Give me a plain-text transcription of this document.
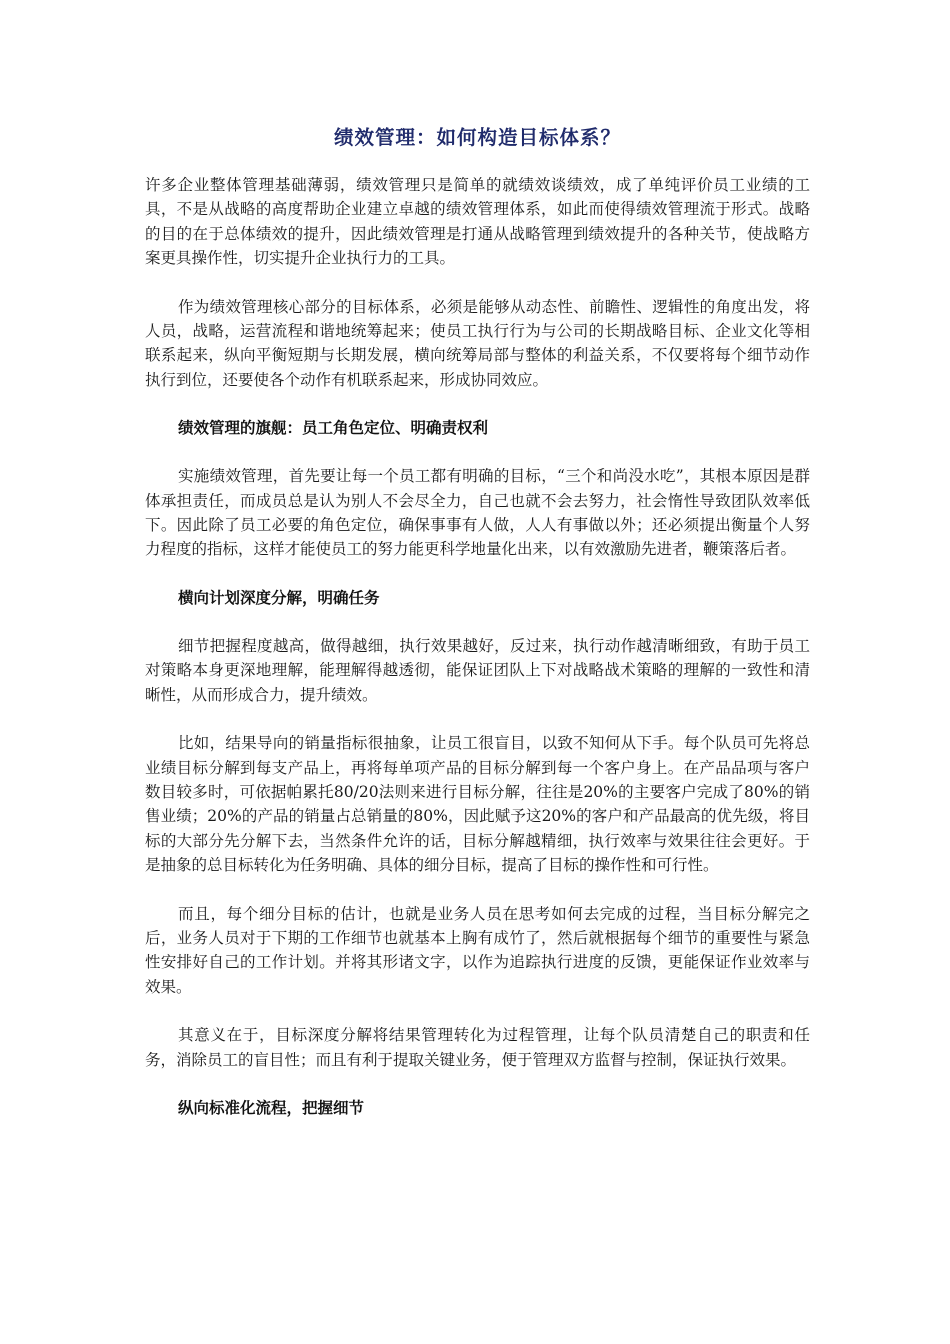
绩效管理：如何构造目标体系？

许多企业整体管理基础薄弱，绩效管理只是简单的就绩效谈绩效，成了单纯评价员工业绩的工具，不是从战略的高度帮助企业建立卓越的绩效管理体系，如此而使得绩效管理流于形式。战略的目的在于总体绩效的提升，因此绩效管理是打通从战略管理到绩效提升的各种关节，使战略方案更具操作性，切实提升企业执行力的工具。

作为绩效管理核心部分的目标体系，必须是能够从动态性、前瞻性、逻辑性的角度出发，将人员，战略，运营流程和谐地统筹起来；使员工执行行为与公司的长期战略目标、企业文化等相联系起来，纵向平衡短期与长期发展，横向统筹局部与整体的利益关系，不仅要将每个细节动作执行到位，还要使各个动作有机联系起来，形成协同效应。

绩效管理的旗舰：员工角色定位、明确责权利

实施绩效管理，首先要让每一个员工都有明确的目标，“三个和尚没水吃”，其根本原因是群体承担责任，而成员总是认为别人不会尽全力，自己也就不会去努力，社会惰性导致团队效率低下。因此除了员工必要的角色定位，确保事事有人做，人人有事做以外；还必须提出衡量个人努力程度的指标，这样才能使员工的努力能更科学地量化出来，以有效激励先进者，鞭策落后者。

横向计划深度分解，明确任务

细节把握程度越高，做得越细，执行效果越好，反过来，执行动作越清晰细致，有助于员工对策略本身更深地理解，能理解得越透彻，能保证团队上下对战略战术策略的理解的一致性和清晰性，从而形成合力，提升绩效。

比如，结果导向的销量指标很抽象，让员工很盲目，以致不知何从下手。每个队员可先将总业绩目标分解到每支产品上，再将每单项产品的目标分解到每一个客户身上。在产品品项与客户数目较多时，可依据帕累托80/20法则来进行目标分解，往往是20%的主要客户完成了80%的销售业绩；20%的产品的销量占总销量的80%，因此赋予这20%的客户和产品最高的优先级，将目标的大部分先分解下去，当然条件允许的话，目标分解越精细，执行效率与效果往往会更好。于是抽象的总目标转化为任务明确、具体的细分目标，提高了目标的操作性和可行性。

而且，每个细分目标的估计，也就是业务人员在思考如何去完成的过程，当目标分解完之后，业务人员对于下期的工作细节也就基本上胸有成竹了，然后就根据每个细节的重要性与紧急性安排好自己的工作计划。并将其形诸文字，以作为追踪执行进度的反馈，更能保证作业效率与效果。

其意义在于，目标深度分解将结果管理转化为过程管理，让每个队员清楚自己的职责和任务，消除员工的盲目性；而且有利于提取关键业务，便于管理双方监督与控制，保证执行效果。

纵向标准化流程，把握细节
